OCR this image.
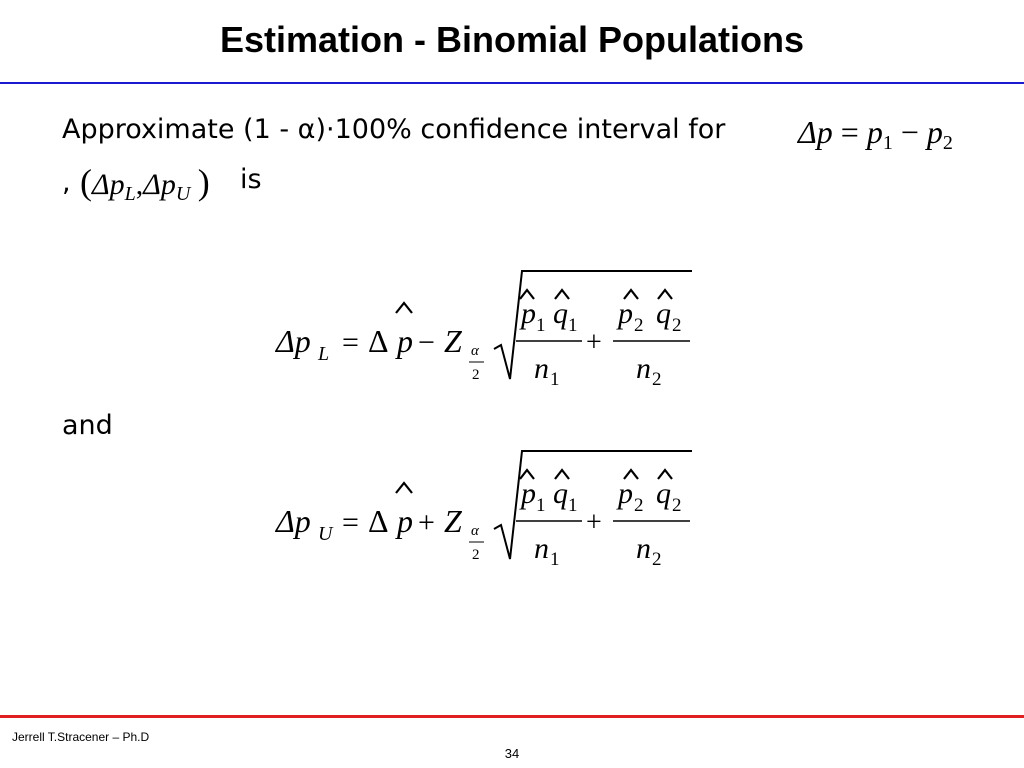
Estimation - Binomial Populations
Approximate (1 - α)·100% confidence interval for $\Delta p = p_1 - p_2$
, ($\Delta p_L,\Delta p_U$ ) is
Δp L = Δ p − Z α
2
p 1 q 1
n 1
+
p 2 q 2
n 2
and
Δp U = Δ p + Z α
2
p 1 q 1
n 1
+
p 2 q 2
n 2
Jerrell T.Stracener – Ph.D
34
